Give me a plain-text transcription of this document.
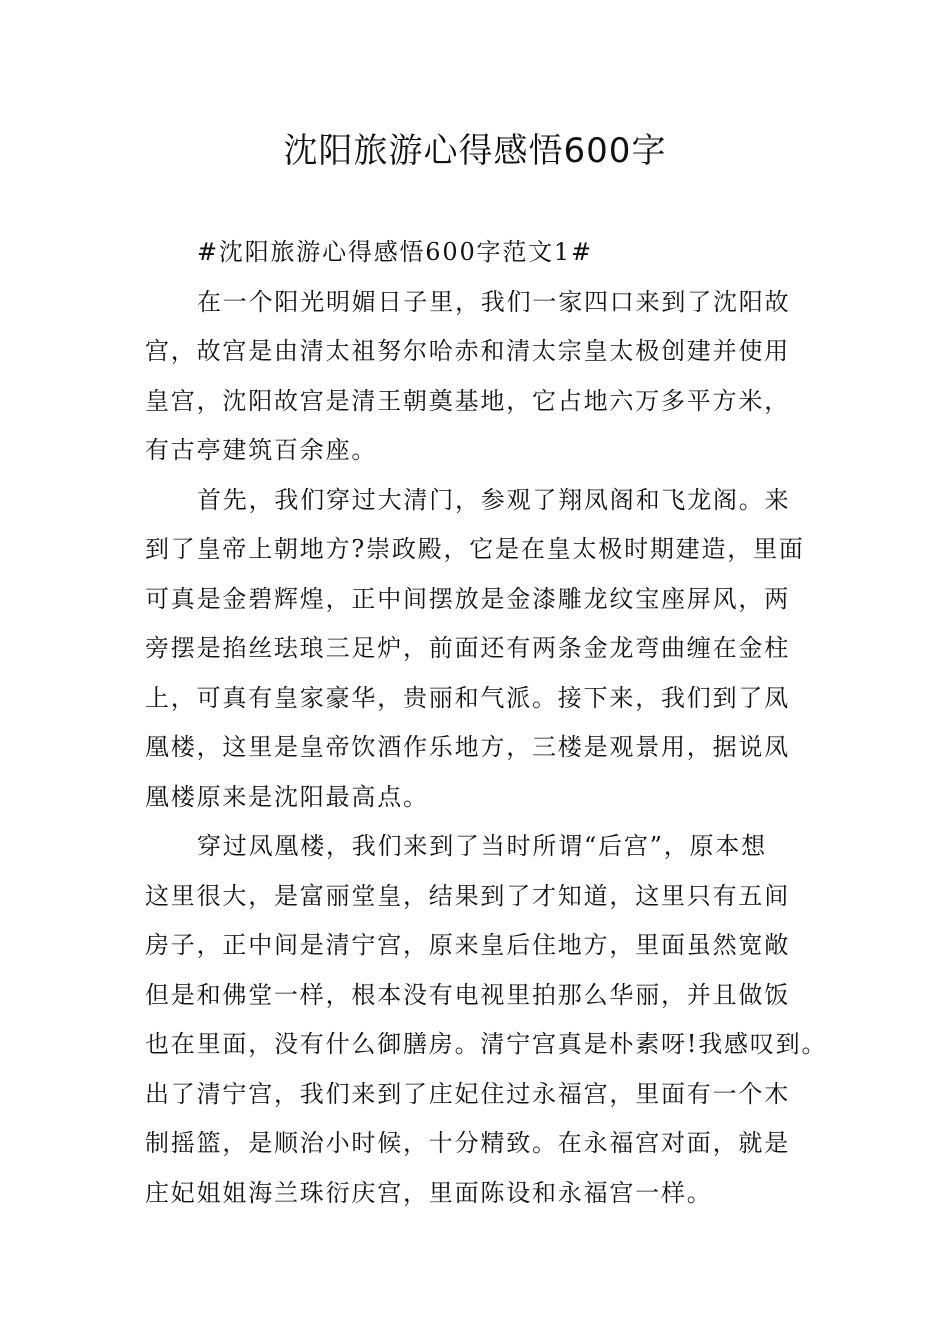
沈阳旅游心得感悟600字

#沈阳旅游心得感悟600字范文1#

在一个阳光明媚日子里，我们一家四口来到了沈阳故
宫，故宫是由清太祖努尔哈赤和清太宗皇太极创建并使用
皇宫，沈阳故宫是清王朝奠基地，它占地六万多平方米，
有古亭建筑百余座。

首先，我们穿过大清门，参观了翔凤阁和飞龙阁。来
到了皇帝上朝地方?崇政殿，它是在皇太极时期建造，里面
可真是金碧辉煌，正中间摆放是金漆雕龙纹宝座屏风，两
旁摆是掐丝珐琅三足炉，前面还有两条金龙弯曲缠在金柱
上，可真有皇家豪华，贵丽和气派。接下来，我们到了凤
凰楼，这里是皇帝饮酒作乐地方，三楼是观景用，据说凤
凰楼原来是沈阳最高点。

穿过凤凰楼，我们来到了当时所谓“后宫”，原本想
这里很大，是富丽堂皇，结果到了才知道，这里只有五间
房子，正中间是清宁宫，原来皇后住地方，里面虽然宽敞
但是和佛堂一样，根本没有电视里拍那么华丽，并且做饭
也在里面，没有什么御膳房。清宁宫真是朴素呀!我感叹到。
出了清宁宫，我们来到了庄妃住过永福宫，里面有一个木
制摇篮，是顺治小时候，十分精致。在永福宫对面，就是
庄妃姐姐海兰珠衍庆宫，里面陈设和永福宫一样。
